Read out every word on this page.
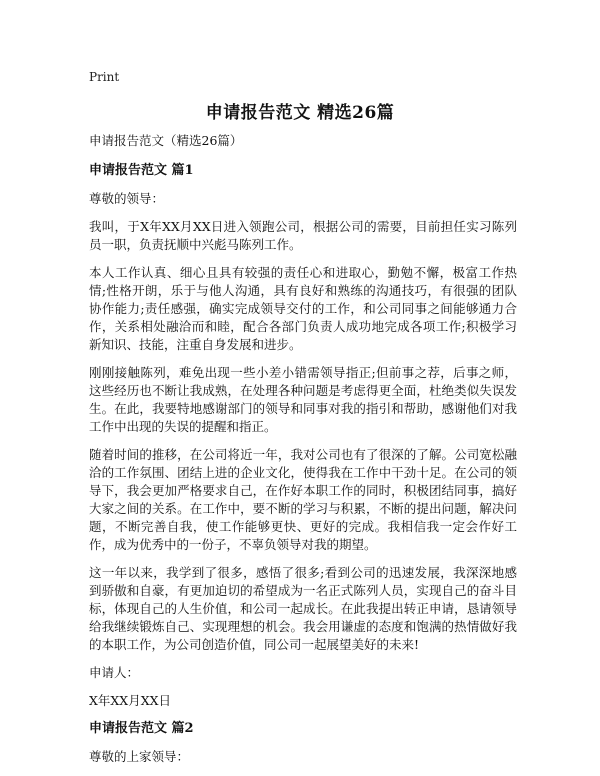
Print
申请报告范文 精选26篇

申请报告范文（精选26篇）

申请报告范文 篇1

尊敬的领导：

我叫，于X年XX月XX日进入领跑公司，根据公司的需要，目前担任实习陈列员一职，负责抚顺中兴彪马陈列工作。

本人工作认真、细心且具有较强的责任心和进取心，勤勉不懈，极富工作热情;性格开朗，乐于与他人沟通，具有良好和熟练的沟通技巧，有很强的团队协作能力;责任感强，确实完成领导交付的工作，和公司同事之间能够通力合作，关系相处融洽而和睦，配合各部门负责人成功地完成各项工作;积极学习新知识、技能，注重自身发展和进步。

刚刚接触陈列，难免出现一些小差小错需领导指正;但前事之荐，后事之师，这些经历也不断让我成熟，在处理各种问题是考虑得更全面，杜绝类似失误发生。在此，我要特地感谢部门的领导和同事对我的指引和帮助，感谢他们对我工作中出现的失误的提醒和指正。

随着时间的推移，在公司将近一年，我对公司也有了很深的了解。公司宽松融洽的工作氛围、团结上进的企业文化，使得我在工作中干劲十足。在公司的领导下，我会更加严格要求自己，在作好本职工作的同时，积极团结同事，搞好大家之间的关系。在工作中，要不断的学习与积累，不断的提出问题，解决问题，不断完善自我，使工作能够更快、更好的完成。我相信我一定会作好工作，成为优秀中的一份子，不辜负领导对我的期望。

这一年以来，我学到了很多，感悟了很多;看到公司的迅速发展，我深深地感到骄傲和自豪，有更加迫切的希望成为一名正式陈列人员，实现自己的奋斗目标，体现自己的人生价值，和公司一起成长。在此我提出转正申请，恳请领导给我继续锻炼自己、实现理想的机会。我会用谦虚的态度和饱满的热情做好我的本职工作，为公司创造价值，同公司一起展望美好的未来!

申请人：

X年XX月XX日

申请报告范文 篇2

尊敬的上家领导：
